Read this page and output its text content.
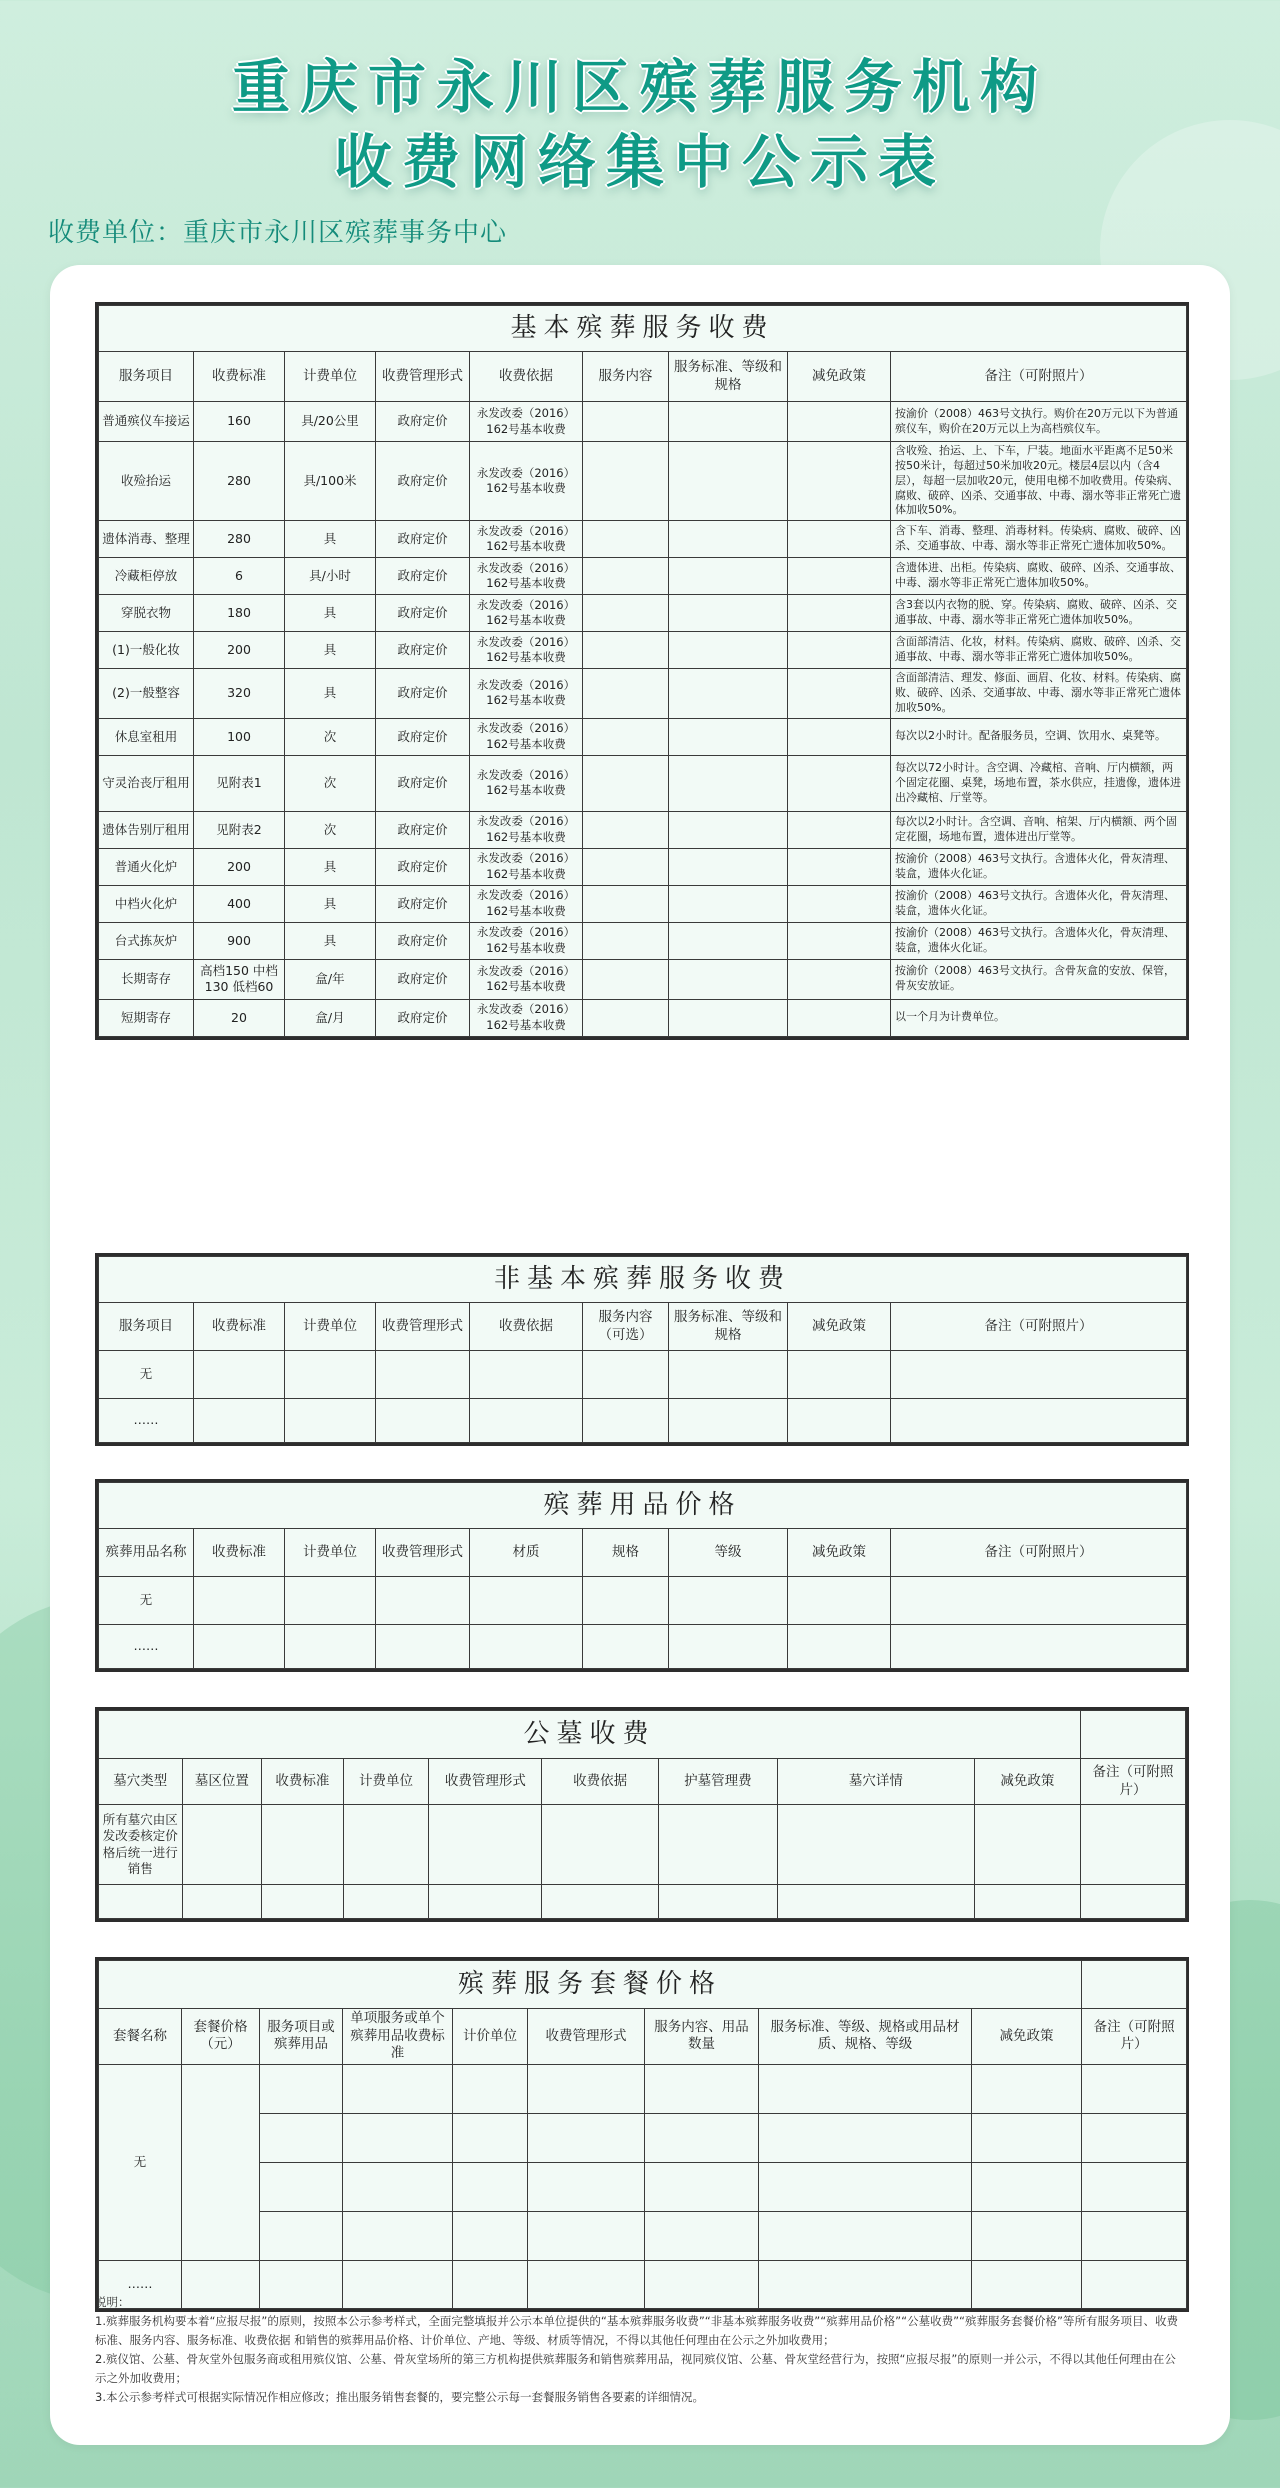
重庆市永川区殡葬服务机构
收费网络集中公示表
收费单位：重庆市永川区殡葬事务中心
基本殡葬服务收费								
服务项目	收费标准	计费单位	收费管理形式	收费依据	服务内容	服务标准、等级和规格	减免政策	备注（可附照片）
普通殡仪车接运	160	具/20公里	政府定价	永发改委（2016）162号基本收费				按渝价（2008）463号文执行。购价在20万元以下为普通殡仪车，购价在20万元以上为高档殡仪车。
收殓抬运	280	具/100米	政府定价	永发改委（2016）162号基本收费				含收殓、抬运、上、下车，尸装。地面水平距离不足50米按50米计，每超过50米加收20元。楼层4层以内（含4层），每超一层加收20元，使用电梯不加收费用。传染病、腐败、破碎、凶杀、交通事故、中毒、溺水等非正常死亡遗体加收50%。
遗体消毒、整理	280	具	政府定价	永发改委（2016）162号基本收费				含下车、消毒、整理、消毒材料。传染病、腐败、破碎、凶杀、交通事故、中毒、溺水等非正常死亡遗体加收50%。
冷藏柜停放	6	具/小时	政府定价	永发改委（2016）162号基本收费				含遗体进、出柜。传染病、腐败、破碎、凶杀、交通事故、中毒、溺水等非正常死亡遗体加收50%。
穿脱衣物	180	具	政府定价	永发改委（2016）162号基本收费				含3套以内衣物的脱、穿。传染病、腐败、破碎、凶杀、交通事故、中毒、溺水等非正常死亡遗体加收50%。
(1)一般化妆	200	具	政府定价	永发改委（2016）162号基本收费				含面部清洁、化妆，材料。传染病、腐败、破碎、凶杀、交通事故、中毒、溺水等非正常死亡遗体加收50%。
(2)一般整容	320	具	政府定价	永发改委（2016）162号基本收费				含面部清洁、理发、修面、画眉、化妆、材料。传染病、腐败、破碎、凶杀、交通事故、中毒、溺水等非正常死亡遗体加收50%。
休息室租用	100	次	政府定价	永发改委（2016）162号基本收费				每次以2小时计。配备服务员，空调、饮用水、桌凳等。
守灵治丧厅租用	见附表1	次	政府定价	永发改委（2016）162号基本收费				每次以72小时计。含空调、冷藏棺、音响、厅内横额，两个固定花圈、桌凳，场地布置，茶水供应，挂遗像，遗体进出冷藏棺、厅堂等。
遗体告别厅租用	见附表2	次	政府定价	永发改委（2016）162号基本收费				每次以2小时计。含空调、音响、棺架、厅内横额、两个固定花圈，场地布置，遗体进出厅堂等。
普通火化炉	200	具	政府定价	永发改委（2016）162号基本收费				按渝价（2008）463号文执行。含遗体火化，骨灰清理、装盒，遗体火化证。
中档火化炉	400	具	政府定价	永发改委（2016）162号基本收费				按渝价（2008）463号文执行。含遗体火化，骨灰清理、装盒，遗体火化证。
台式拣灰炉	900	具	政府定价	永发改委（2016）162号基本收费				按渝价（2008）463号文执行。含遗体火化，骨灰清理、装盒，遗体火化证。
长期寄存	高档150 中档130 低档60	盒/年	政府定价	永发改委（2016）162号基本收费				按渝价（2008）463号文执行。含骨灰盒的安放、保管，骨灰安放证。
短期寄存	20	盒/月	政府定价	永发改委（2016）162号基本收费				以一个月为计费单位。
非基本殡葬服务收费								
服务项目	收费标准	计费单位	收费管理形式	收费依据	服务内容（可选）	服务标准、等级和规格	减免政策	备注（可附照片）
无								
……								
殡葬用品价格								
殡葬用品名称	收费标准	计费单位	收费管理形式	材质	规格	等级	减免政策	备注（可附照片）
无								
……								
公墓收费									
墓穴类型	墓区位置	收费标准	计费单位	收费管理形式	收费依据	护墓管理费	墓穴详情	减免政策	备注（可附照片）
所有墓穴由区发改委核定价格后统一进行销售									

殡葬服务套餐价格									
套餐名称	套餐价格（元）	服务项目或殡葬用品	单项服务或单个殡葬用品收费标准	计价单位	收费管理形式	服务内容、用品数量	服务标准、等级、规格或用品材质、规格、等级	减免政策	备注（可附照片）
无									

……									
说明：
1.殡葬服务机构要本着“应报尽报”的原则，按照本公示参考样式，全面完整填报并公示本单位提供的“基本殡葬服务收费”“非基本殡葬服务收费”“殡葬用品价格”“公墓收费”“殡葬服务套餐价格”等所有服务项目、收费标准、服务内容、服务标准、收费依据 和销售的殡葬用品价格、计价单位、产地、等级、材质等情况，不得以其他任何理由在公示之外加收费用；
2.殡仪馆、公墓、骨灰堂外包服务商或租用殡仪馆、公墓、骨灰堂场所的第三方机构提供殡葬服务和销售殡葬用品，视同殡仪馆、公墓、骨灰堂经营行为，按照“应报尽报”的原则一并公示，不得以其他任何理由在公示之外加收费用；
3.本公示参考样式可根据实际情况作相应修改；推出服务销售套餐的，要完整公示每一套餐服务销售各要素的详细情况。
